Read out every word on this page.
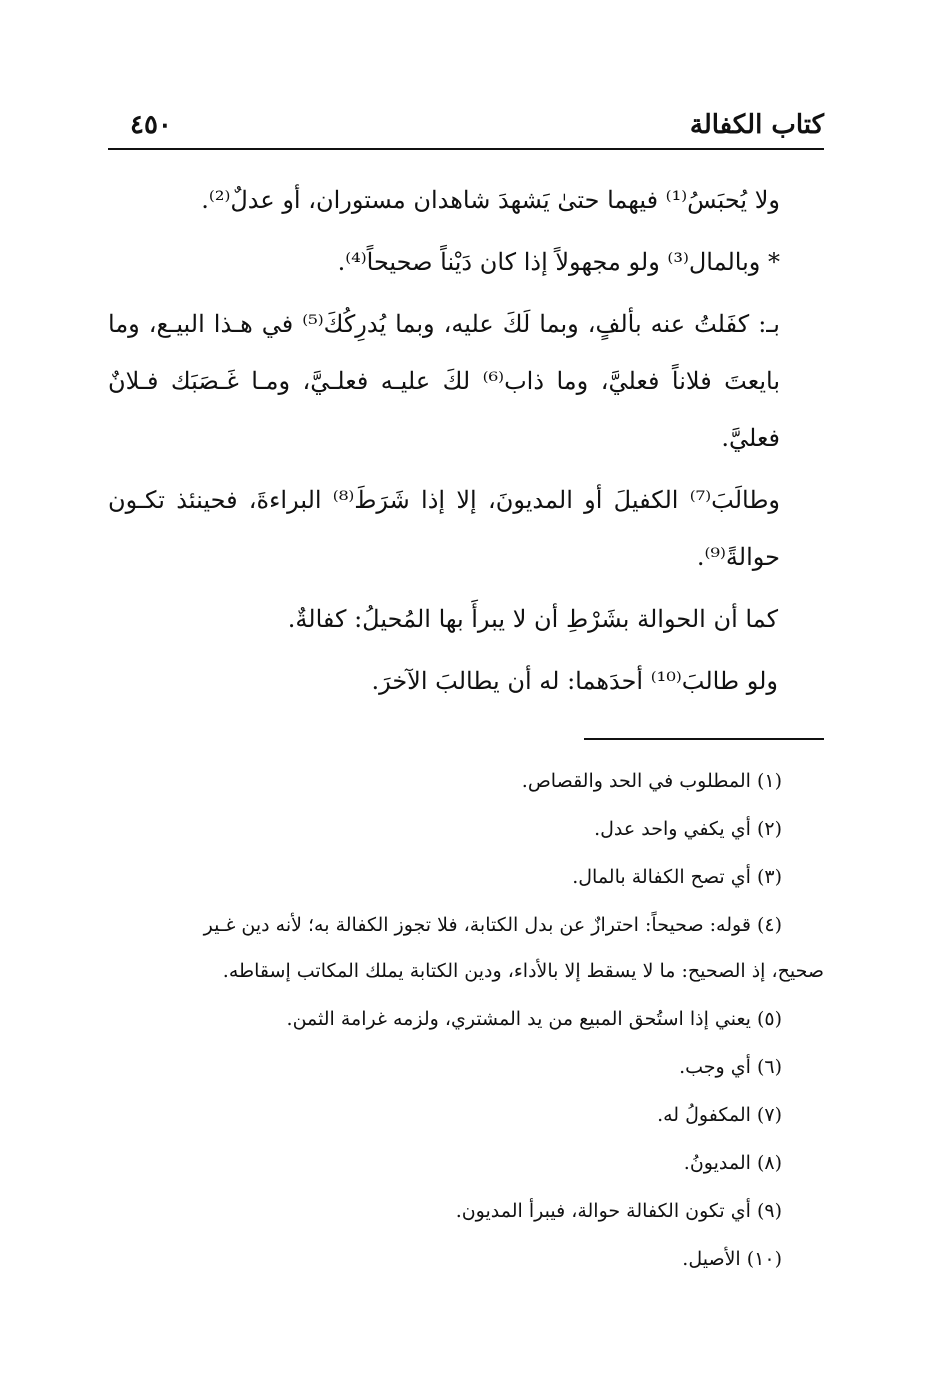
كتاب الكفالة
٤٥٠

ولا يُحبَسُ⁽¹⁾ فيهما حتىٰ يَشهدَ شاهدان مستوران، أو عدلٌ⁽²⁾.

* وبالمال⁽³⁾ ولو مجهولاً إذا كان دَيْناً صحيحاً⁽⁴⁾.

بـ: كفَلتُ عنه بألفٍ، وبما لَكَ عليه، وبما يُدرِكُكَ⁽⁵⁾ في هـذا البيـع، وما بايعتَ فلاناً فعليَّ، وما ذاب⁽⁶⁾ لكَ عليـه فعلـيَّ، ومـا غَـصَبَك فـلانٌ فعليَّ.

وطالَبَ⁽⁷⁾ الكفيلَ أو المديونَ، إلا إذا شَرَطَ⁽⁸⁾ البراءةَ، فحينئذ تكـون حوالةً⁽⁹⁾.

كما أن الحوالة بشَرْطِ أن لا يبرأَ بها المُحيلُ: كفالةٌ.

ولو طالبَ⁽¹⁰⁾ أحدَهما: له أن يطالبَ الآخرَ.

(١) المطلوب في الحد والقصاص.

(٢) أي يكفي واحد عدل.

(٣) أي تصح الكفالة بالمال.

(٤) قوله: صحيحاً: احترازٌ عن بدل الكتابة، فلا تجوز الكفالة به؛ لأنه دين غـير

صحيح، إذ الصحيح: ما لا يسقط إلا بالأداء، ودين الكتابة يملك المكاتب إسقاطه.

(٥) يعني إذا استُحق المبيع من يد المشتري، ولزمه غرامة الثمن.

(٦) أي وجب.

(٧) المكفولُ له.

(٨) المديونُ.

(٩) أي تكون الكفالة حوالة، فيبرأ المديون.

(١٠) الأصيل.
